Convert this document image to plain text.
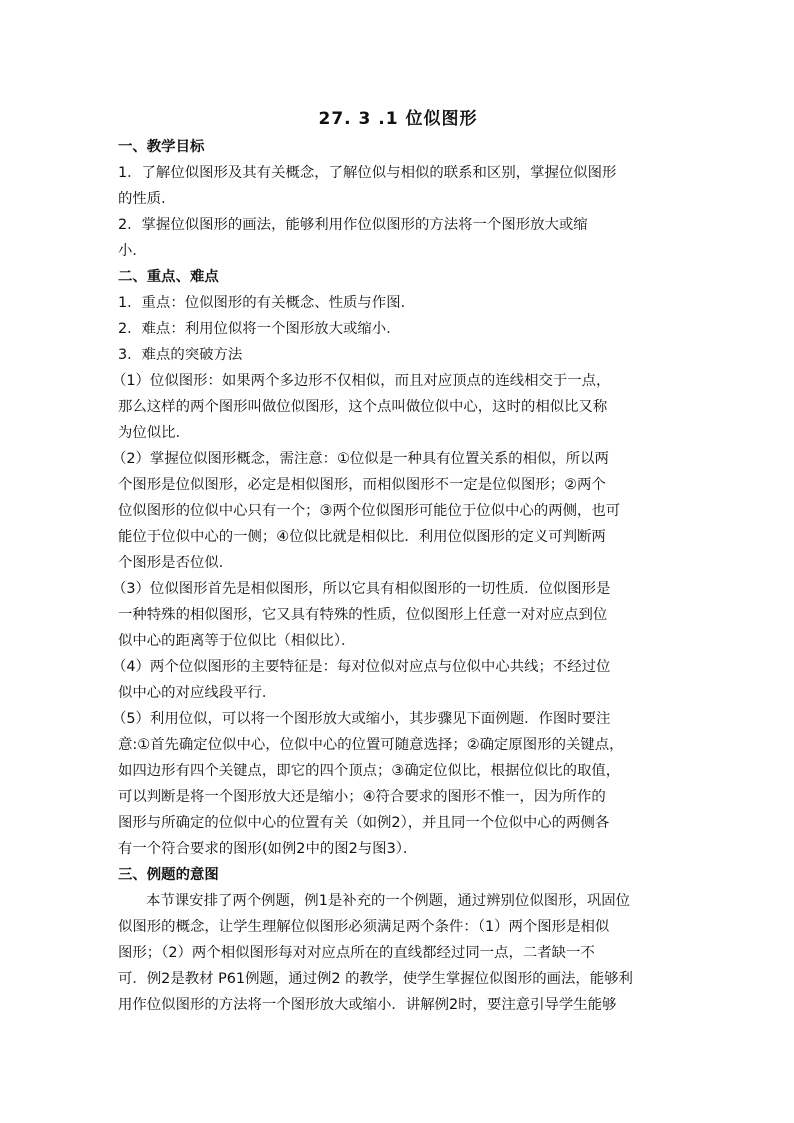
27. 3 .1 位似图形
一、教学目标
1．了解位似图形及其有关概念，了解位似与相似的联系和区别，掌握位似图形
的性质．
2．掌握位似图形的画法，能够利用作位似图形的方法将一个图形放大或缩
小．
二、重点、难点
1．重点：位似图形的有关概念、性质与作图．
2．难点：利用位似将一个图形放大或缩小．
3．难点的突破方法
（1）位似图形：如果两个多边形不仅相似，而且对应顶点的连线相交于一点，
那么这样的两个图形叫做位似图形，这个点叫做位似中心，这时的相似比又称
为位似比．
（2）掌握位似图形概念，需注意：①位似是一种具有位置关系的相似，所以两
个图形是位似图形，必定是相似图形，而相似图形不一定是位似图形；②两个
位似图形的位似中心只有一个；③两个位似图形可能位于位似中心的两侧，也可
能位于位似中心的一侧；④位似比就是相似比．利用位似图形的定义可判断两
个图形是否位似．
（3）位似图形首先是相似图形，所以它具有相似图形的一切性质．位似图形是
一种特殊的相似图形，它又具有特殊的性质，位似图形上任意一对对应点到位
似中心的距离等于位似比（相似比）．
（4）两个位似图形的主要特征是：每对位似对应点与位似中心共线；不经过位
似中心的对应线段平行．
（5）利用位似，可以将一个图形放大或缩小，其步骤见下面例题．作图时要注
意:①首先确定位似中心，位似中心的位置可随意选择；②确定原图形的关键点，
如四边形有四个关键点，即它的四个顶点；③确定位似比，根据位似比的取值，
可以判断是将一个图形放大还是缩小；④符合要求的图形不惟一，因为所作的
图形与所确定的位似中心的位置有关（如例2），并且同一个位似中心的两侧各
有一个符合要求的图形(如例2中的图2与图3）．
三、例题的意图
本节课安排了两个例题，例1是补充的一个例题，通过辨别位似图形，巩固位
似图形的概念，让学生理解位似图形必须满足两个条件：（1）两个图形是相似
图形；（2）两个相似图形每对对应点所在的直线都经过同一点，二者缺一不
可．例2是教材 P61例题，通过例2 的教学，使学生掌握位似图形的画法，能够利
用作位似图形的方法将一个图形放大或缩小．讲解例2时，要注意引导学生能够
